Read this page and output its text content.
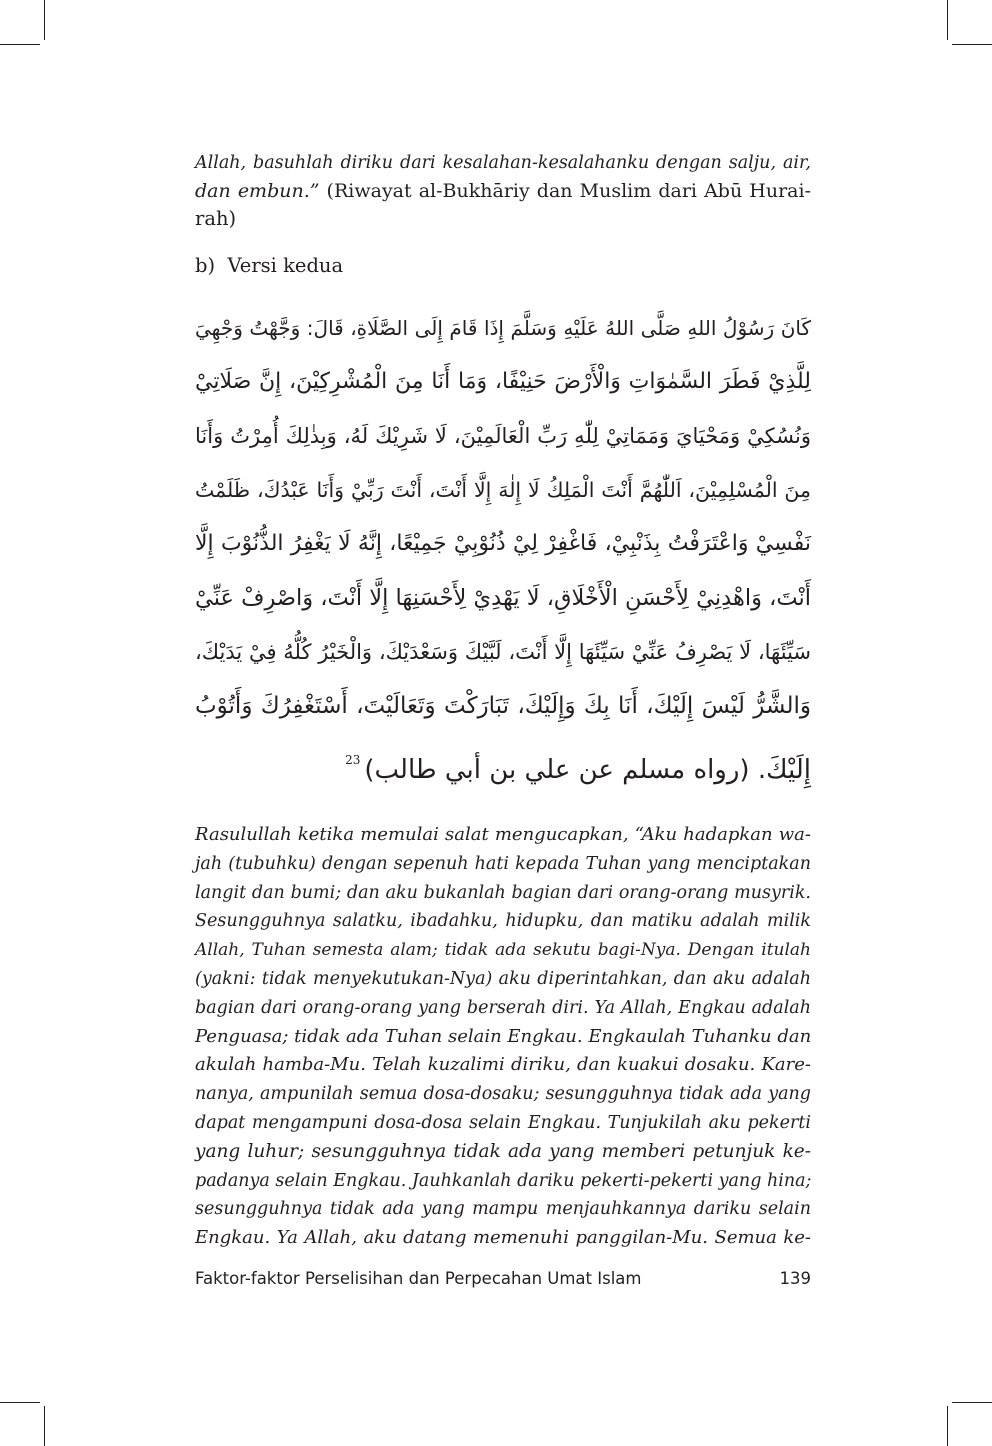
Allah, basuhlah diriku dari kesalahan-kesalahanku dengan salju, air,
dan embun.” (Riwayat al-Bukhāriy dan Muslim dari Abū Hurai-
rah)
b)  Versi kedua
كَانَ رَسُوْلُ اللهِ صَلَّى اللهُ عَلَيْهِ وَسَلَّمَ إِذَا قَامَ إِلَى الصَّلَاةِ، قَالَ: وَجَّهْتُ وَجْهِيَ
لِلَّذِيْ فَطَرَ السَّمٰوَاتِ وَالْأَرْضَ حَنِيْفًا، وَمَا أَنَا مِنَ الْمُشْرِكِيْنَ، إِنَّ صَلَاتِيْ
وَنُسُكِيْ وَمَحْيَايَ وَمَمَاتِيْ لِلّٰهِ رَبِّ الْعَالَمِيْنَ، لَا شَرِيْكَ لَهُ، وَبِذٰلِكَ أُمِرْتُ وَأَنَا
مِنَ الْمُسْلِمِيْنَ، اَللّٰهُمَّ أَنْتَ الْمَلِكُ لَا إِلٰهَ إِلَّا أَنْتَ، أَنْتَ رَبِّيْ وَأَنَا عَبْدُكَ، ظَلَمْتُ
نَفْسِيْ وَاعْتَرَفْتُ بِذَنْبِيْ، فَاغْفِرْ لِيْ ذُنُوْبِيْ جَمِيْعًا، إِنَّهُ لَا يَغْفِرُ الذُّنُوْبَ إِلَّا
أَنْتَ، وَاهْدِنِيْ لِأَحْسَنِ الْأَخْلَاقِ، لَا يَهْدِيْ لِأَحْسَنِهَا إِلَّا أَنْتَ، وَاصْرِفْ عَنِّيْ
سَيِّئَهَا، لَا يَصْرِفُ عَنِّيْ سَيِّئَهَا إِلَّا أَنْتَ، لَبَّيْكَ وَسَعْدَيْكَ، وَالْخَيْرُ كُلُّهُ فِيْ يَدَيْكَ،
وَالشَّرُّ لَيْسَ إِلَيْكَ، أَنَا بِكَ وَإِلَيْكَ، تَبَارَكْتَ وَتَعَالَيْتَ، أَسْتَغْفِرُكَ وَأَتُوْبُ
إِلَيْكَ. (رواه مسلم عن علي بن أبي طالب)$^{23}$
Rasulullah ketika memulai salat mengucapkan, “Aku hadapkan wa-
jah (tubuhku) dengan sepenuh hati kepada Tuhan yang menciptakan
langit dan bumi; dan aku bukanlah bagian dari orang-orang musyrik.
Sesungguhnya salatku, ibadahku, hidupku, dan matiku adalah milik
Allah, Tuhan semesta alam; tidak ada sekutu bagi-Nya. Dengan itulah
(yakni: tidak menyekutukan-Nya) aku diperintahkan, dan aku adalah
bagian dari orang-orang yang berserah diri. Ya Allah, Engkau adalah
Penguasa; tidak ada Tuhan selain Engkau. Engkaulah Tuhanku dan
akulah hamba-Mu. Telah kuzalimi diriku, dan kuakui dosaku. Kare-
nanya, ampunilah semua dosa-dosaku; sesungguhnya tidak ada yang
dapat mengampuni dosa-dosa selain Engkau. Tunjukilah aku pekerti
yang luhur; sesungguhnya tidak ada yang memberi petunjuk ke-
padanya selain Engkau. Jauhkanlah dariku pekerti-pekerti yang hina;
sesungguhnya tidak ada yang mampu menjauhkannya dariku selain
Engkau. Ya Allah, aku datang memenuhi panggilan-Mu. Semua ke-
Faktor-faktor Perselisihan dan Perpecahan Umat Islam	139
